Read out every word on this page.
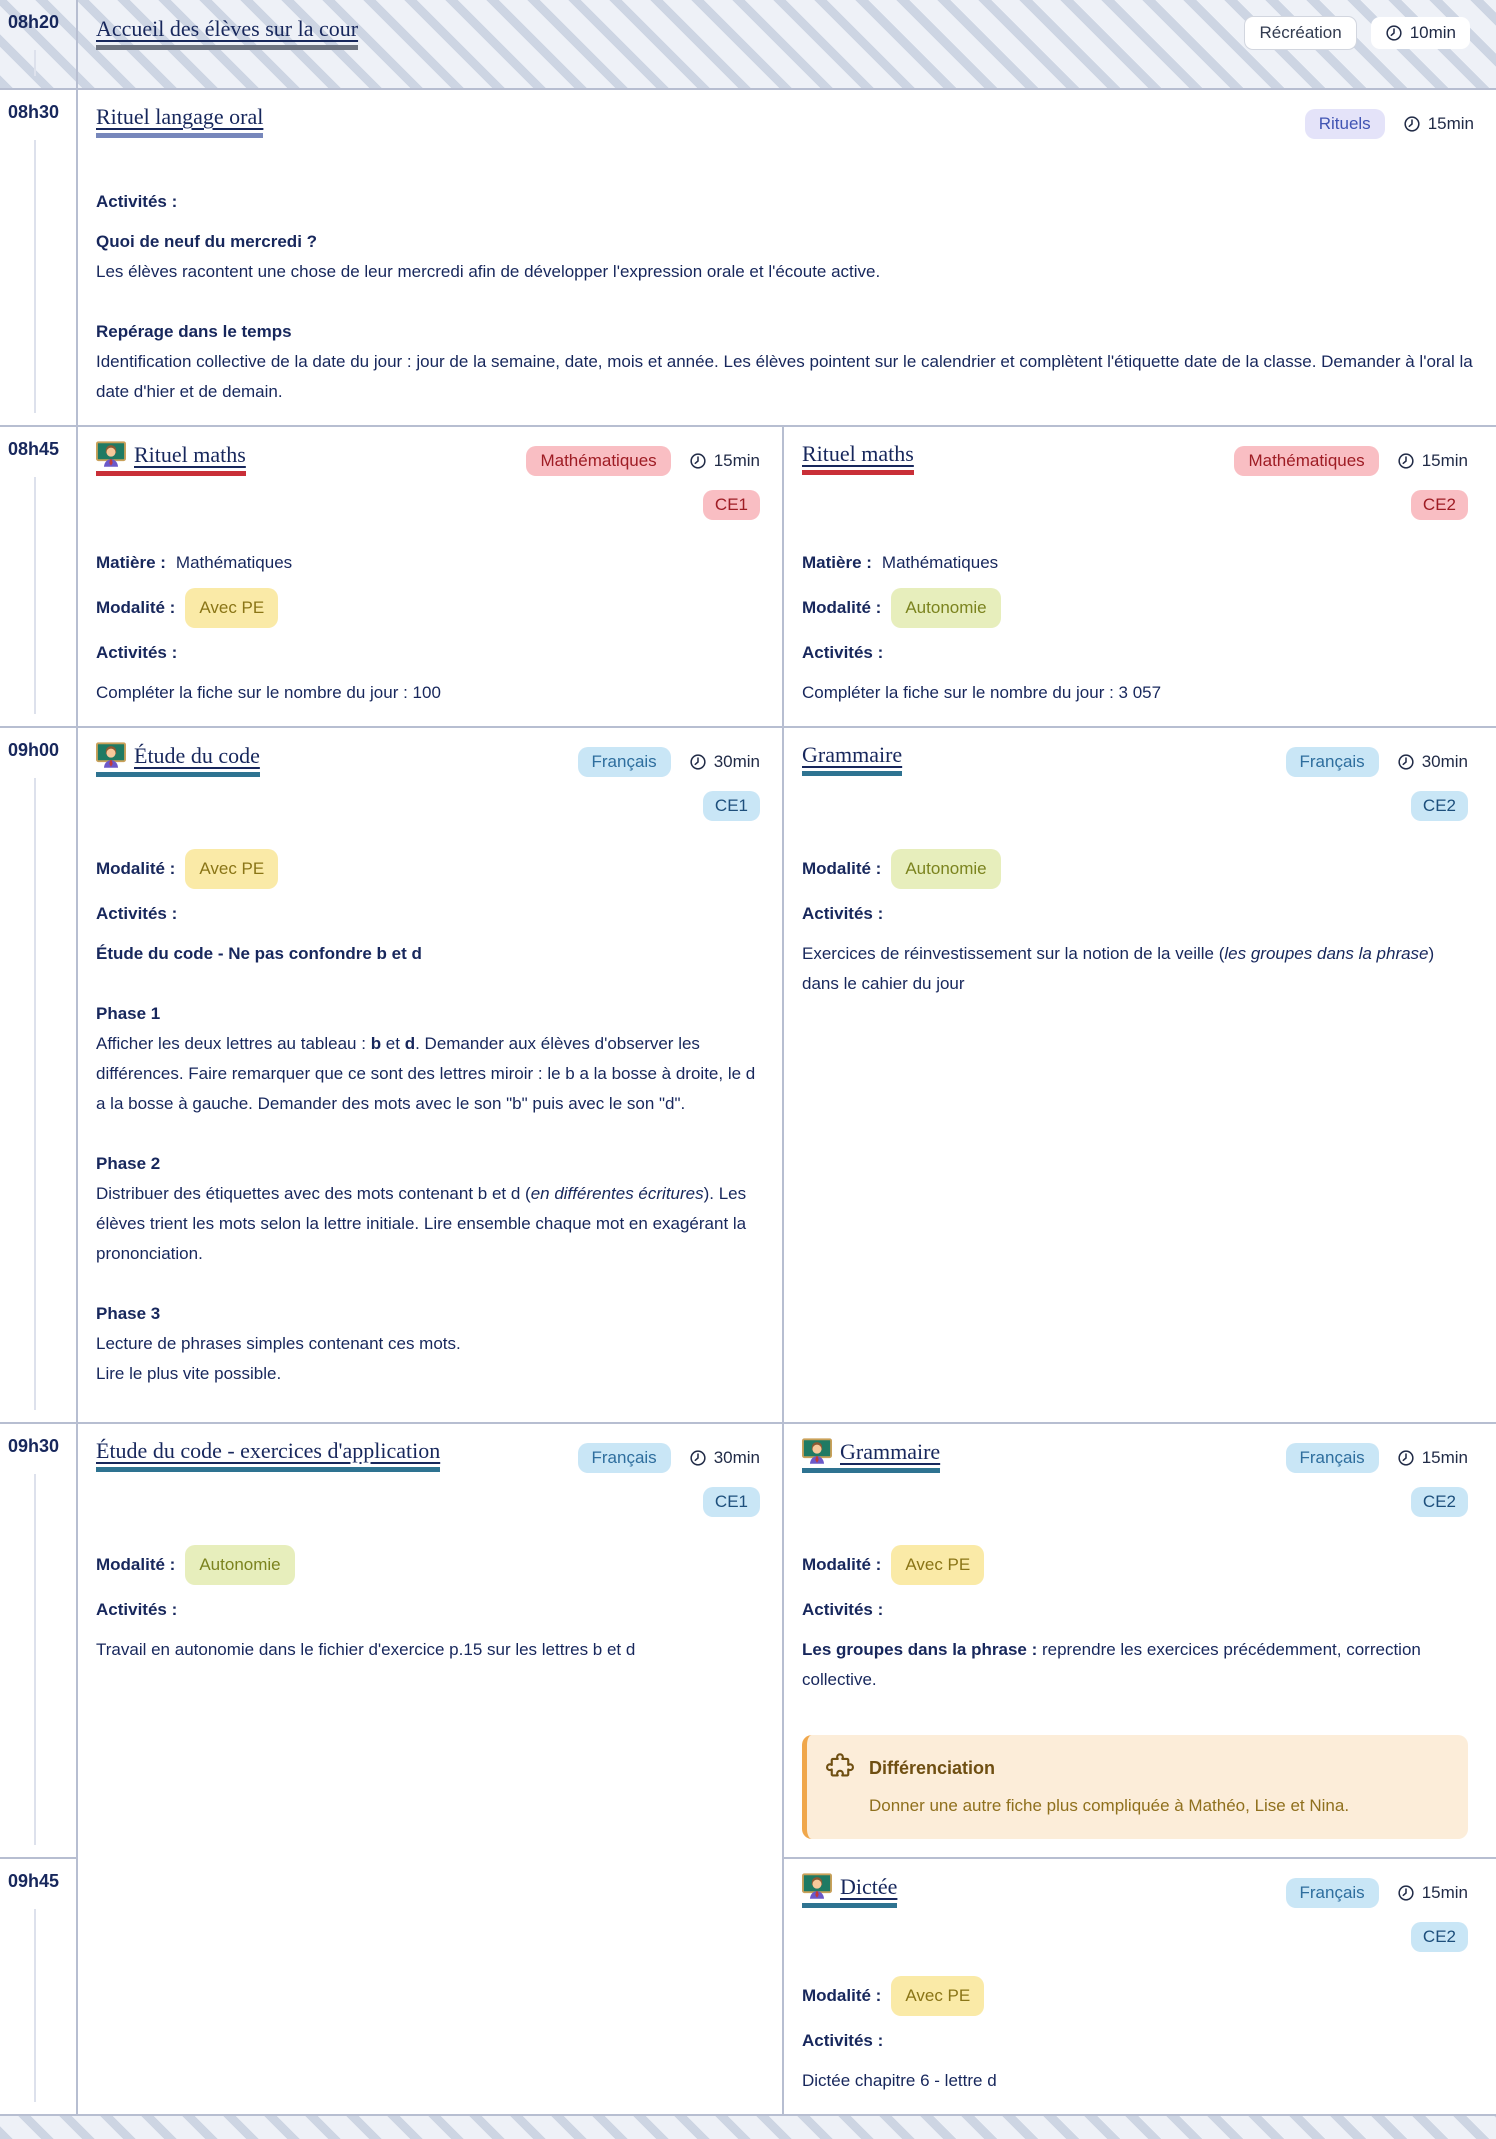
08h20	Accueil des élèves sur la cour	Récréation	10min
08h30	Rituel langage oral	Rituels	15min
Activités :

Quoi de neuf du mercredi ?

Les élèves racontent une chose de leur mercredi afin de développer l'expression orale et l'écoute active.

Repérage dans le temps

Identification collective de la date du jour : jour de la semaine, date, mois et année. Les élèves pointent sur le calendrier et complètent l'étiquette date de la classe. Demander à l'oral la date d'hier et de demain.

08h45	Rituel maths	Mathématiques	15min
CE1
Matière : Mathématiques
Modalité :	Avec PE
Activités :

Compléter la fiche sur le nombre du jour : 100

Rituel maths	Mathématiques	15min
CE2
Matière : Mathématiques
Modalité :	Autonomie
Activités :

Compléter la fiche sur le nombre du jour : 3 057

09h00	Étude du code	Français	30min
CE1
Modalité :	Avec PE
Activités :

Étude du code - Ne pas confondre b et d

Phase 1

Afficher les deux lettres au tableau : b et d. Demander aux élèves d'observer les différences. Faire remarquer que ce sont des lettres miroir : le b a la bosse à droite, le d a la bosse à gauche. Demander des mots avec le son "b" puis avec le son "d".

Phase 2

Distribuer des étiquettes avec des mots contenant b et d (en différentes écritures). Les élèves trient les mots selon la lettre initiale. Lire ensemble chaque mot en exagérant la prononciation.

Phase 3

Lecture de phrases simples contenant ces mots.

Lire le plus vite possible.

Grammaire	Français	30min
CE2
Modalité :	Autonomie
Activités :

Exercices de réinvestissement sur la notion de la veille (les groupes dans la phrase) dans le cahier du jour

09h30	Étude du code - exercices d'application	Français	30min
CE1
Modalité :	Autonomie
Activités :

Travail en autonomie dans le fichier d'exercice p.15 sur les lettres b et d

Grammaire	Français	15min
CE2
Modalité :	Avec PE
Activités :

Les groupes dans la phrase : reprendre les exercices précédemment, correction collective.

Différenciation
Donner une autre fiche plus compliquée à Mathéo, Lise et Nina.
09h45	Dictée	Français	15min
CE2
Modalité :	Avec PE
Activités :

Dictée chapitre 6 - lettre d
